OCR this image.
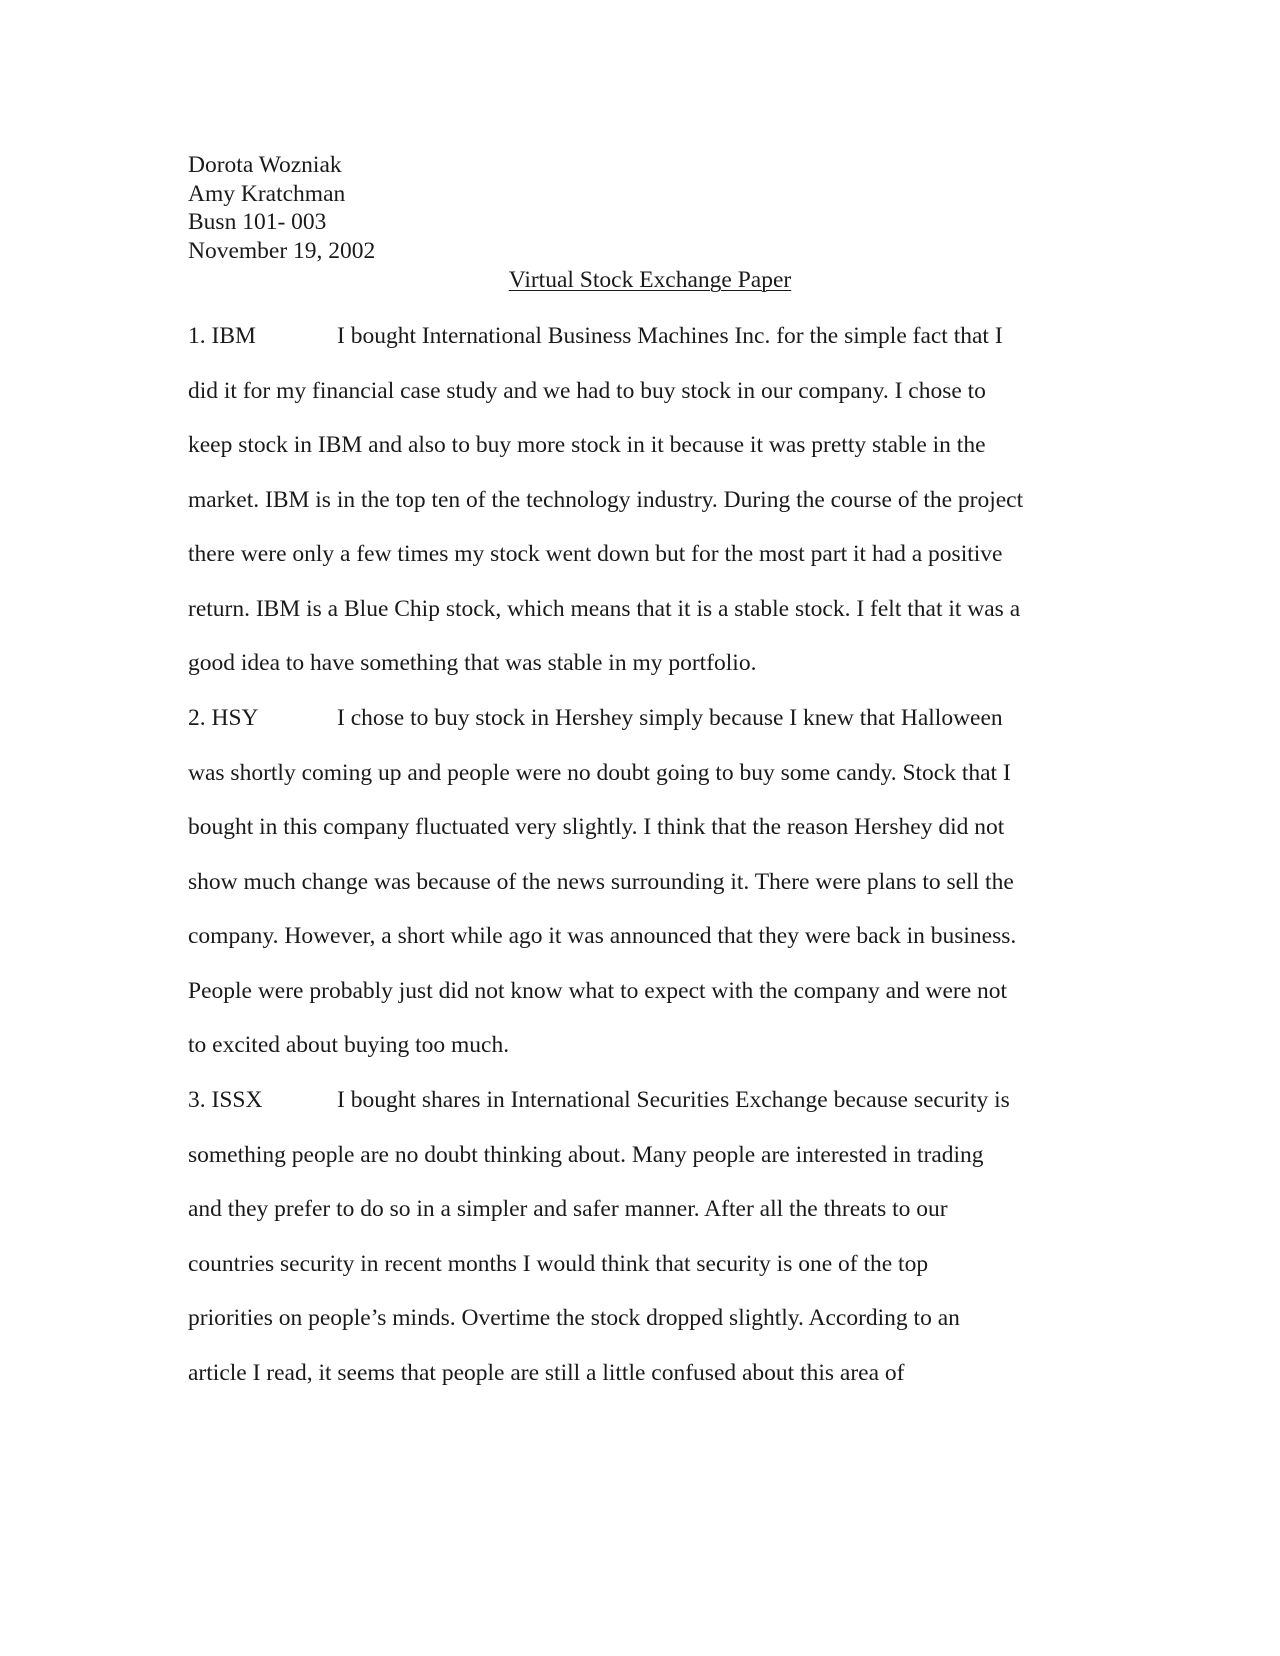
Dorota Wozniak
Amy Kratchman
Busn 101- 003
November 19, 2002
Virtual Stock Exchange Paper
1. IBM	I bought International Business Machines Inc. for the simple fact that I
did it for my financial case study and we had to buy stock in our company. I chose to
keep stock in IBM and also to buy more stock in it because it was pretty stable in the
market. IBM is in the top ten of the technology industry. During the course of the project
there were only a few times my stock went down but for the most part it had a positive
return. IBM is a Blue Chip stock, which means that it is a stable stock. I felt that it was a
good idea to have something that was stable in my portfolio.
2. HSY	I chose to buy stock in Hershey simply because I knew that Halloween
was shortly coming up and people were no doubt going to buy some candy. Stock that I
bought in this company fluctuated very slightly. I think that the reason Hershey did not
show much change was because of the news surrounding it. There were plans to sell the
company. However, a short while ago it was announced that they were back in business.
People were probably just did not know what to expect with the company and were not
to excited about buying too much.
3. ISSX	I bought shares in International Securities Exchange because security is
something people are no doubt thinking about. Many people are interested in trading
and they prefer to do so in a simpler and safer manner. After all the threats to our
countries security in recent months I would think that security is one of the top
priorities on people’s minds. Overtime the stock dropped slightly. According to an
article I read, it seems that people are still a little confused about this area of
